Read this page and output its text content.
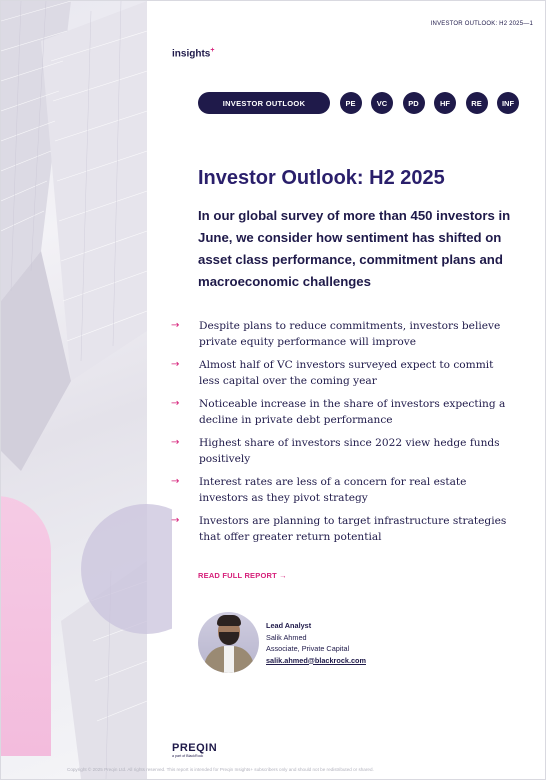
INVESTOR OUTLOOK: H2 2025—1
insights+
INVESTOR OUTLOOK	PE	VC	PD	HF	RE	INF
Investor Outlook: H2 2025

In our global survey of more than 450 investors in June, we consider how sentiment has shifted on asset class performance, commitment plans and macroeconomic challenges

→ Despite plans to reduce commitments, investors believe private equity performance will improve
→ Almost half of VC investors surveyed expect to commit less capital over the coming year
→ Noticeable increase in the share of investors expecting a decline in private debt performance
→ Highest share of investors since 2022 view hedge funds positively
→ Interest rates are less of a concern for real estate investors as they pivot strategy
→ Investors are planning to target infrastructure strategies that offer greater return potential
READ FULL REPORT →
Lead Analyst
Salik Ahmed
Associate, Private Capital
salik.ahmed@blackrock.com
PREQIN
a part of BlackRock
Copyright © 2025 Preqin Ltd. All rights reserved. This report is intended for Preqin Insights+ subscribers only and should not be redistributed or shared.
